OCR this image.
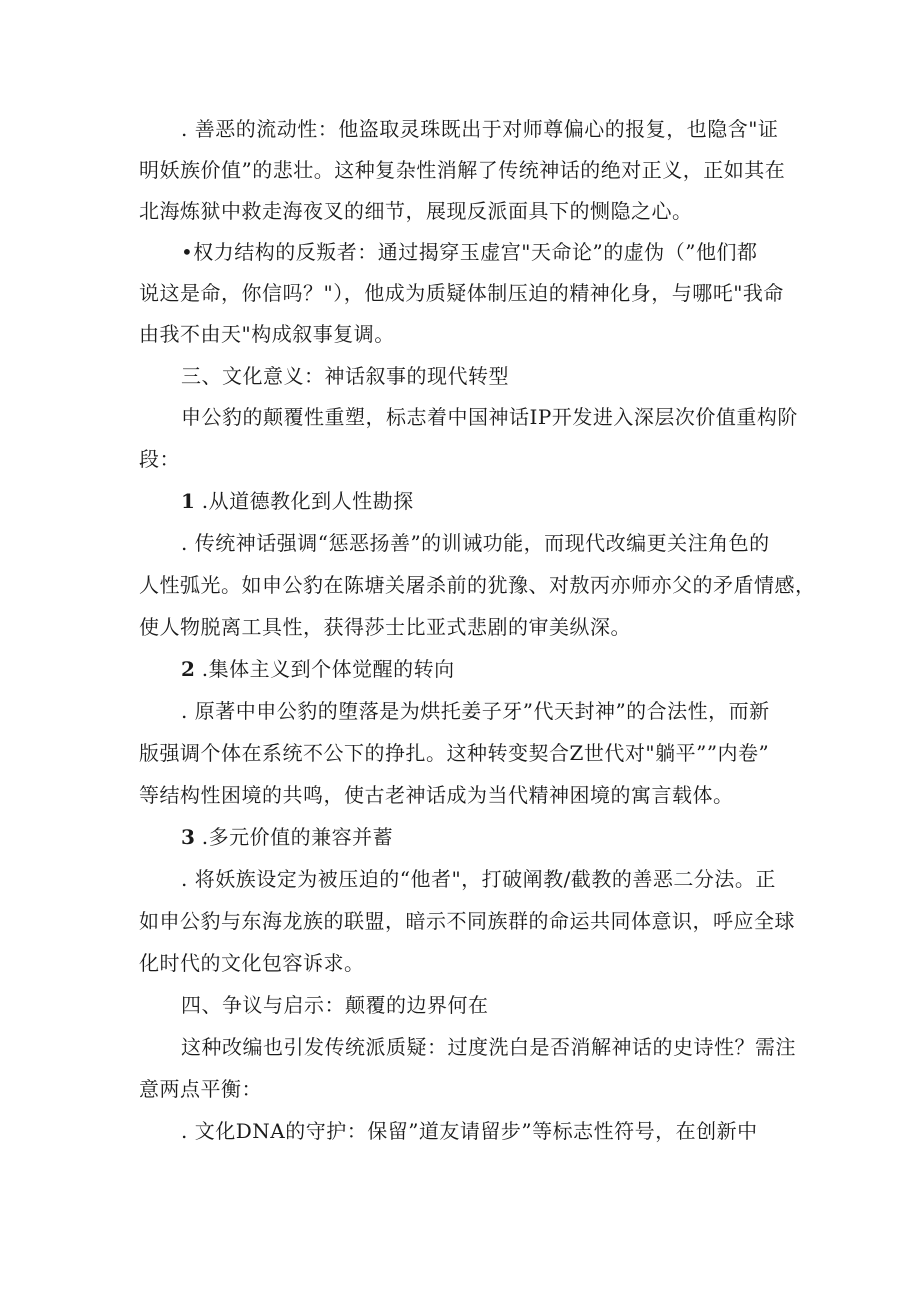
. 善恶的流动性：他盗取灵珠既出于对师尊偏心的报复，也隐含"证
明妖族价值”的悲壮。这种复杂性消解了传统神话的绝对正义，正如其在
北海炼狱中救走海夜叉的细节，展现反派面具下的恻隐之心。
•权力结构的反叛者：通过揭穿玉虚宫"天命论”的虚伪（”他们都
说这是命，你信吗？"），他成为质疑体制压迫的精神化身，与哪吒"我命
由我不由天"构成叙事复调。
三、文化意义：神话叙事的现代转型
申公豹的颠覆性重塑，标志着中国神话IP开发进入深层次价值重构阶
段：
1 .从道德教化到人性勘探
. 传统神话强调“惩恶扬善”的训诫功能，而现代改编更关注角色的
人性弧光。如申公豹在陈塘关屠杀前的犹豫、对敖丙亦师亦父的矛盾情感，
使人物脱离工具性，获得莎士比亚式悲剧的审美纵深。
2 .集体主义到个体觉醒的转向
. 原著中申公豹的堕落是为烘托姜子牙”代天封神”的合法性，而新
版强调个体在系统不公下的挣扎。这种转变契合Z世代对"躺平””内卷”
等结构性困境的共鸣，使古老神话成为当代精神困境的寓言载体。
3 .多元价值的兼容并蓄
. 将妖族设定为被压迫的“他者"，打破阐教/截教的善恶二分法。正
如申公豹与东海龙族的联盟，暗示不同族群的命运共同体意识，呼应全球
化时代的文化包容诉求。
四、争议与启示：颠覆的边界何在
这种改编也引发传统派质疑：过度洗白是否消解神话的史诗性？需注
意两点平衡：
. 文化DNA的守护：保留”道友请留步”等标志性符号，在创新中
